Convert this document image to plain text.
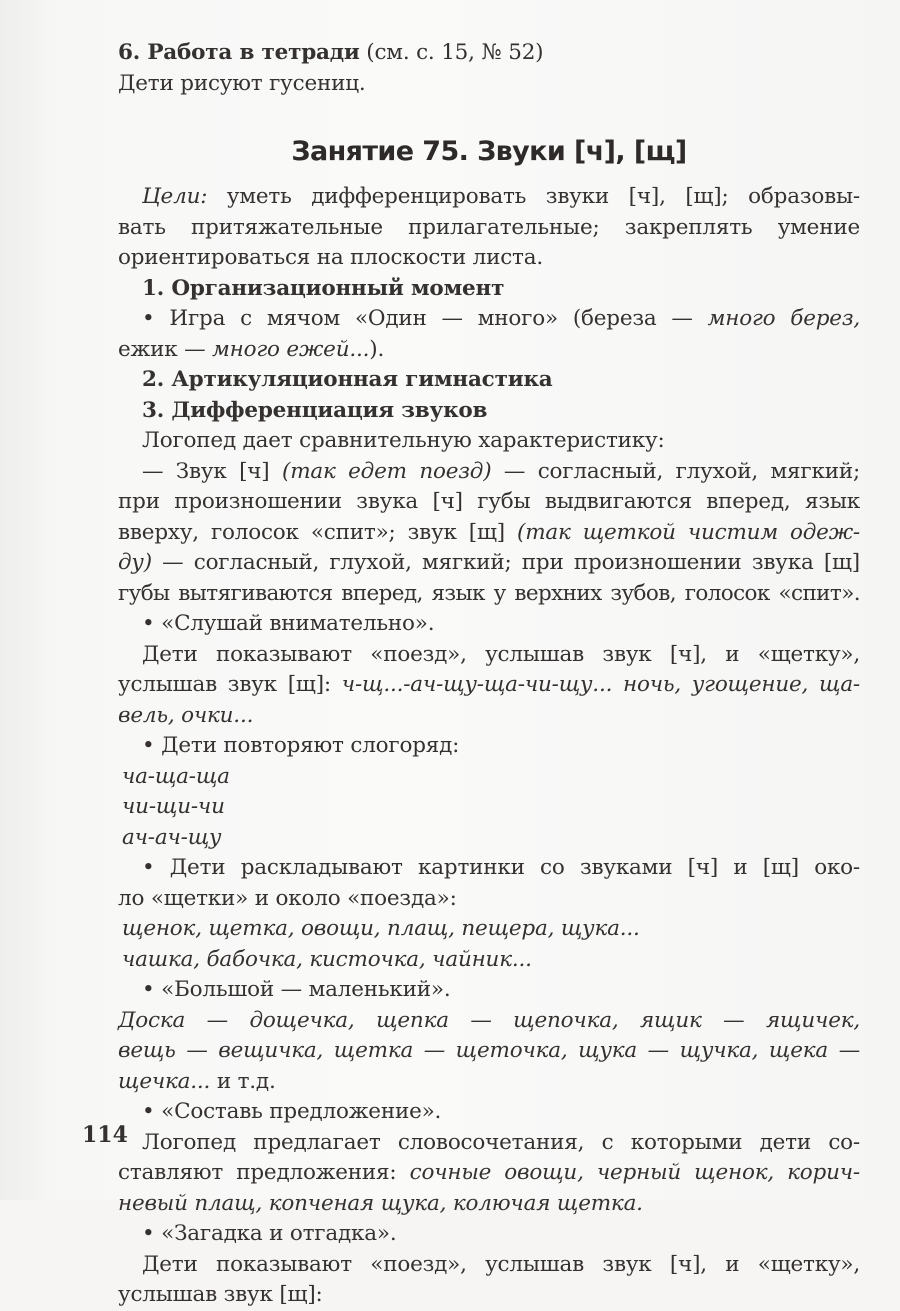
6. Работа в тетради (см. с. 15, № 52)
Дети рисуют гусениц.
Занятие 75. Звуки [ч], [щ]
Цели: уметь дифференцировать звуки [ч], [щ]; образовы-
вать притяжательные прилагательные; закреплять умение
ориентироваться на плоскости листа.
1. Организационный момент
• Игра с мячом «Один — много» (береза — много берез,
ежик — много ежей...).
2. Артикуляционная гимнастика
3. Дифференциация звуков
Логопед дает сравнительную характеристику:
— Звук [ч] (так едет поезд) — согласный, глухой, мягкий;
при произношении звука [ч] губы выдвигаются вперед, язык
вверху, голосок «спит»; звук [щ] (так щеткой чистим одеж-
ду) — согласный, глухой, мягкий; при произношении звука [щ]
губы вытягиваются вперед, язык у верхних зубов, голосок «спит».
• «Слушай внимательно».
Дети показывают «поезд», услышав звук [ч], и «щетку»,
услышав звук [щ]: ч-щ...-ач-щу-ща-чи-щу... ночь, угощение, ща-
вель, очки...
• Дети повторяют слогоряд:
ча-ща-ща
чи-щи-чи
ач-ач-щу
• Дети раскладывают картинки со звуками [ч] и [щ] око-
ло «щетки» и около «поезда»:
щенок, щетка, овощи, плащ, пещера, щука...
чашка, бабочка, кисточка, чайник...
• «Большой — маленький».
Доска — дощечка, щепка — щепочка, ящик — ящичек,
вещь — вещичка, щетка — щеточка, щука — щучка, щека —
щечка... и т.д.
• «Составь предложение».
Логопед предлагает словосочетания, с которыми дети со-
ставляют предложения: сочные овощи, черный щенок, корич-
невый плащ, копченая щука, колючая щетка.
• «Загадка и отгадка».
Дети показывают «поезд», услышав звук [ч], и «щетку»,
услышав звук [щ]:
114
